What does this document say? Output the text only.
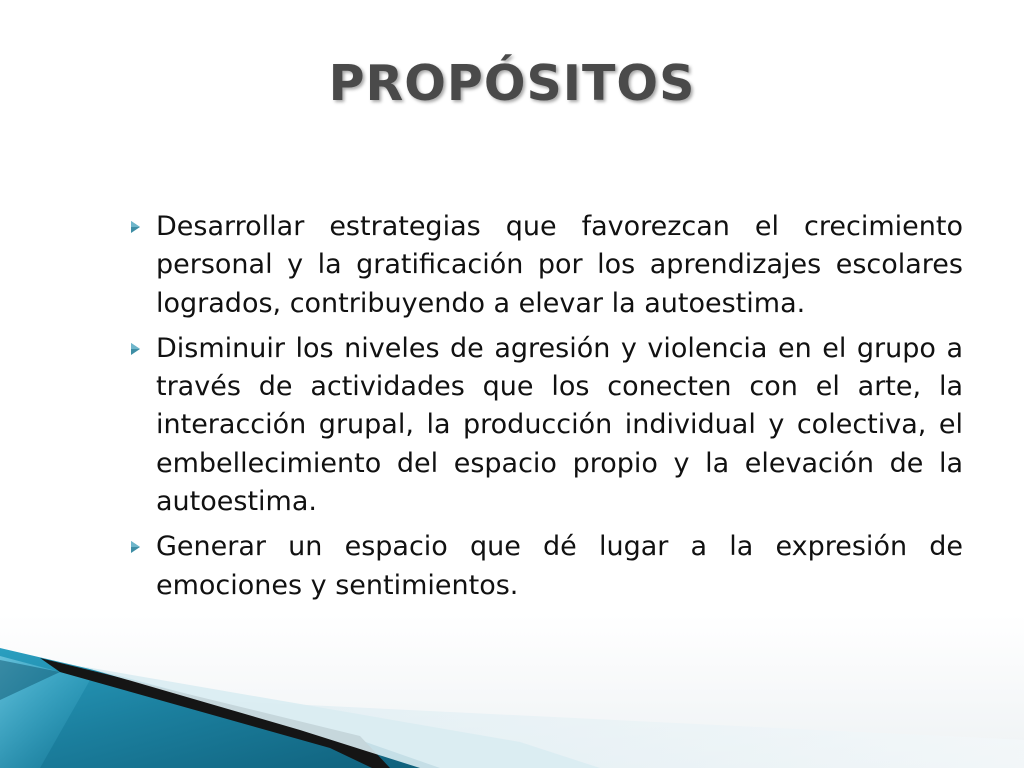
PROPÓSITOS
Desarrollar estrategias que favorezcan el crecimiento personal y la gratificación por los aprendizajes escolares logrados, contribuyendo a elevar la autoestima.
Disminuir los niveles de agresión y violencia en el grupo a través de actividades que los conecten con el arte, la interacción grupal, la producción individual y colectiva, el embellecimiento del espacio propio y la elevación de la autoestima.
Generar un espacio que dé lugar a la expresión de emociones y sentimientos.
